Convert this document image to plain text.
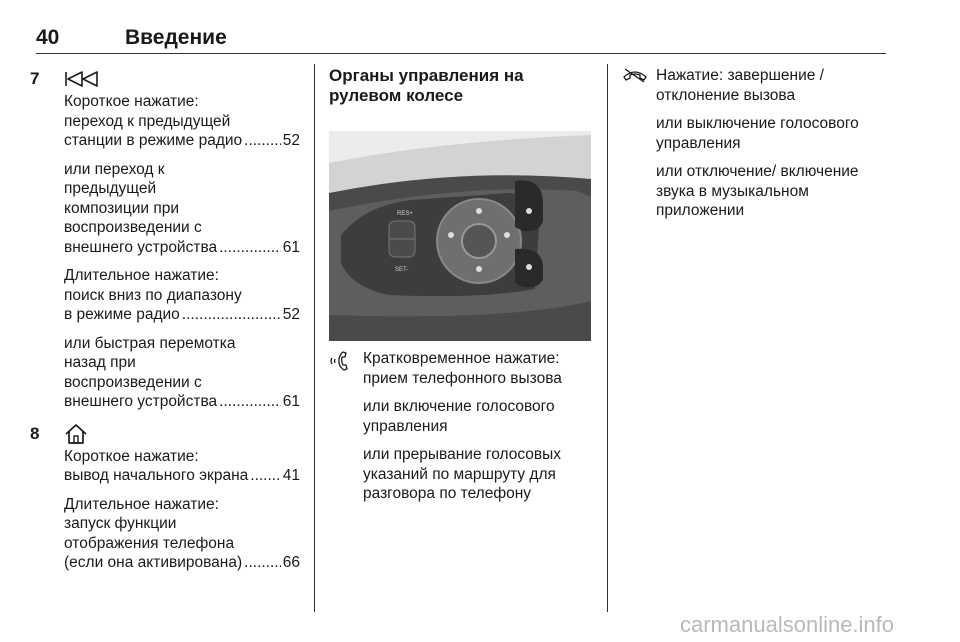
40	Введение
7

Короткое нажатие:

переход к предыдущей

станции в режиме радио .....	52

или переход к

предыдущей

композиции при

воспроизведении с

внешнего устройства .....	61

Длительное нажатие:

поиск вниз по диапазону

в режиме радио .....	52

или быстрая перемотка

назад при

воспроизведении с

внешнего устройства .....	61
8

Короткое нажатие:

вывод начального экрана ..... 41

Длительное нажатие:

запуск функции

отображения телефона

(если она активирована) .....	66

Органы управления на рулевом колесе

RES+
SET-

Кратковременное нажатие: прием телефонного вызова

или включение голосового управления

или прерывание голосовых указаний по маршруту для разговора по телефону

Нажатие: завершение / отклонение вызова

или выключение голосового управления

или отключение/ включение звука в музыкальном приложении

carmanualsonline.info
